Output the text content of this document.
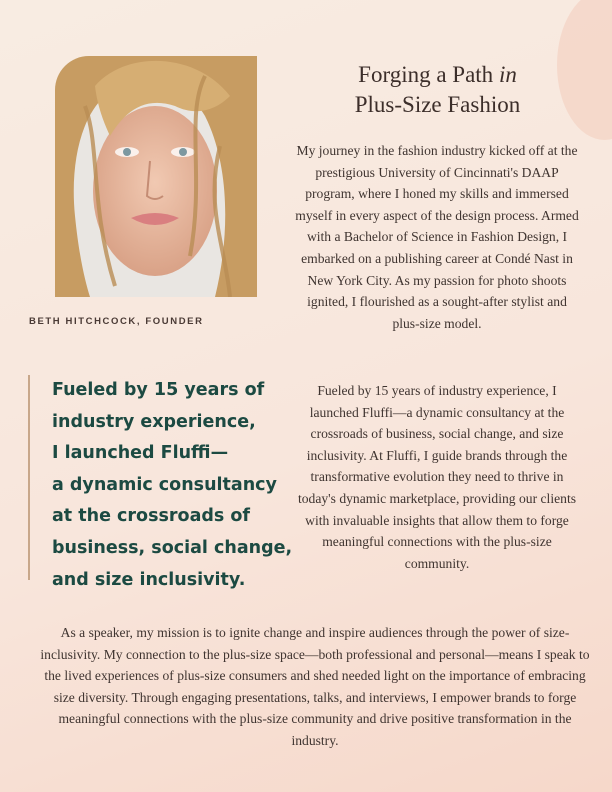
BETH HITCHCOCK, FOUNDER
Forging a Path in
Plus-Size Fashion
My journey in the fashion industry kicked off at the prestigious University of Cincinnati's DAAP program, where I honed my skills and immersed myself in every aspect of the design process. Armed with a Bachelor of Science in Fashion Design, I embarked on a publishing career at Condé Nast in New York City. As my passion for photo shoots ignited, I flourished as a sought-after stylist and plus-size model.
Fueled by 15 years of
industry experience,
I launched Fluffi—
a dynamic consultancy
at the crossroads of
business, social change,
and size inclusivity.
Fueled by 15 years of industry experience, I launched Fluffi—a dynamic consultancy at the crossroads of business, social change, and size inclusivity. At Fluffi, I guide brands through the transformative evolution they need to thrive in today's dynamic marketplace, providing our clients with invaluable insights that allow them to forge meaningful connections with the plus-size community.
As a speaker, my mission is to ignite change and inspire audiences through the power of size-inclusivity. My connection to the plus-size space—both professional and personal—means I speak to the lived experiences of plus-size consumers and shed needed light on the importance of embracing size diversity. Through engaging presentations, talks, and interviews, I empower brands to forge meaningful connections with the plus-size community and drive positive transformation in the industry.
